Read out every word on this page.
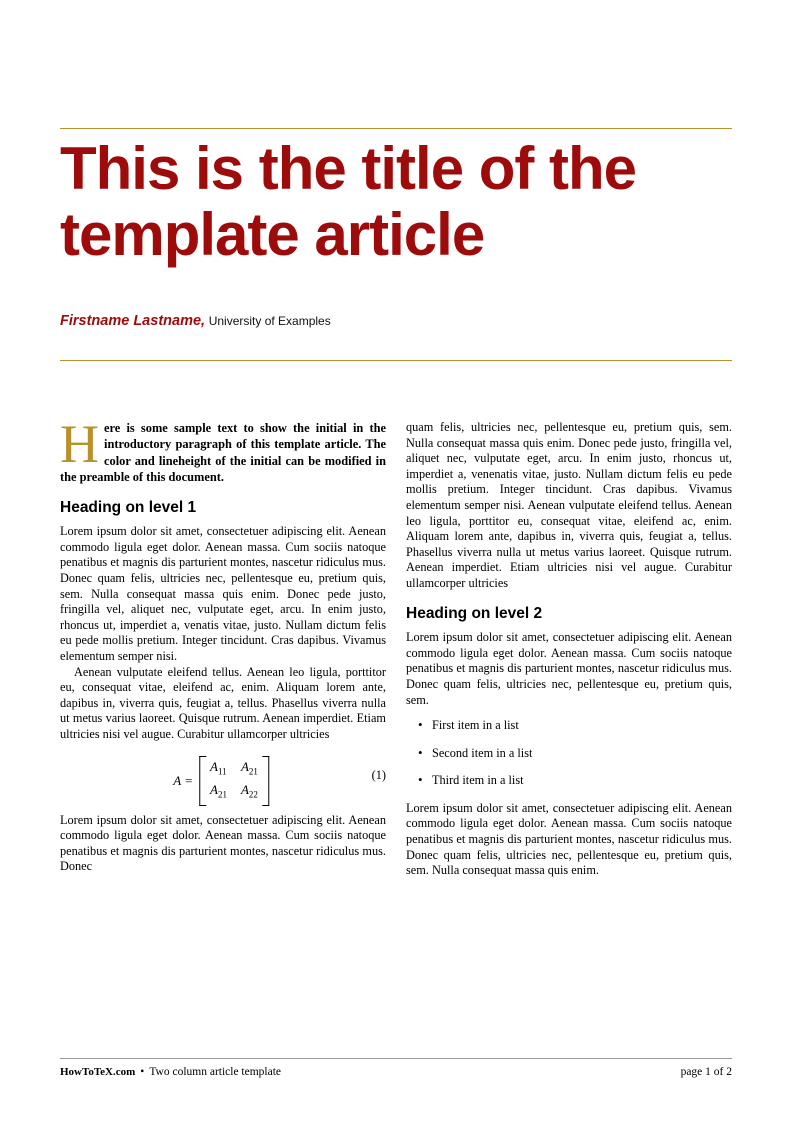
This is the title of the template article
Firstname Lastname, University of Examples

Here is some sample text to show the initial in the introductory paragraph of this template article. The color and lineheight of the initial can be modified in the preamble of this document.

Heading on level 1

Lorem ipsum dolor sit amet, consectetuer adipiscing elit. Aenean commodo ligula eget dolor. Aenean massa. Cum sociis natoque penatibus et magnis dis parturient montes, nascetur ridiculus mus. Donec quam felis, ultricies nec, pellentesque eu, pretium quis, sem. Nulla consequat massa quis enim. Donec pede justo, fringilla vel, aliquet nec, vulputate eget, arcu. In enim justo, rhoncus ut, imperdiet a, venatis vitae, justo. Nullam dictum felis eu pede mollis pretium. Integer tincidunt. Cras dapibus. Vivamus elementum semper nisi.

Aenean vulputate eleifend tellus. Aenean leo ligula, porttitor eu, consequat vitae, eleifend ac, enim. Aliquam lorem ante, dapibus in, viverra quis, feugiat a, tellus. Phasellus viverra nulla ut metus varius laoreet. Quisque rutrum. Aenean imperdiet. Etiam ultricies nisi vel augue. Curabitur ullamcorper ultricies

A =
$A_{11}$ $A_{21}$
$A_{21}$ $A_{22}$
(1)

Lorem ipsum dolor sit amet, consectetuer adipiscing elit. Aenean commodo ligula eget dolor. Aenean massa. Cum sociis natoque penatibus et magnis dis parturient montes, nascetur ridiculus mus. Donec

quam felis, ultricies nec, pellentesque eu, pretium quis, sem. Nulla consequat massa quis enim. Donec pede justo, fringilla vel, aliquet nec, vulputate eget, arcu. In enim justo, rhoncus ut, imperdiet a, venenatis vitae, justo. Nullam dictum felis eu pede mollis pretium. Integer tincidunt. Cras dapibus. Vivamus elementum semper nisi. Aenean vulputate eleifend tellus. Aenean leo ligula, porttitor eu, consequat vitae, eleifend ac, enim. Aliquam lorem ante, dapibus in, viverra quis, feugiat a, tellus. Phasellus viverra nulla ut metus varius laoreet. Quisque rutrum. Aenean imperdiet. Etiam ultricies nisi vel augue. Curabitur ullamcorper ultricies

Heading on level 2

Lorem ipsum dolor sit amet, consectetuer adipiscing elit. Aenean commodo ligula eget dolor. Aenean massa. Cum sociis natoque penatibus et magnis dis parturient montes, nascetur ridiculus mus. Donec quam felis, ultricies nec, pellentesque eu, pretium quis, sem.

• First item in a list
• Second item in a list
• Third item in a list

Lorem ipsum dolor sit amet, consectetuer adipiscing elit. Aenean commodo ligula eget dolor. Aenean massa. Cum sociis natoque penatibus et magnis dis parturient montes, nascetur ridiculus mus. Donec quam felis, ultricies nec, pellentesque eu, pretium quis, sem. Nulla consequat massa quis enim.

HowToTeX.com • Two column article template	page 1 of 2
